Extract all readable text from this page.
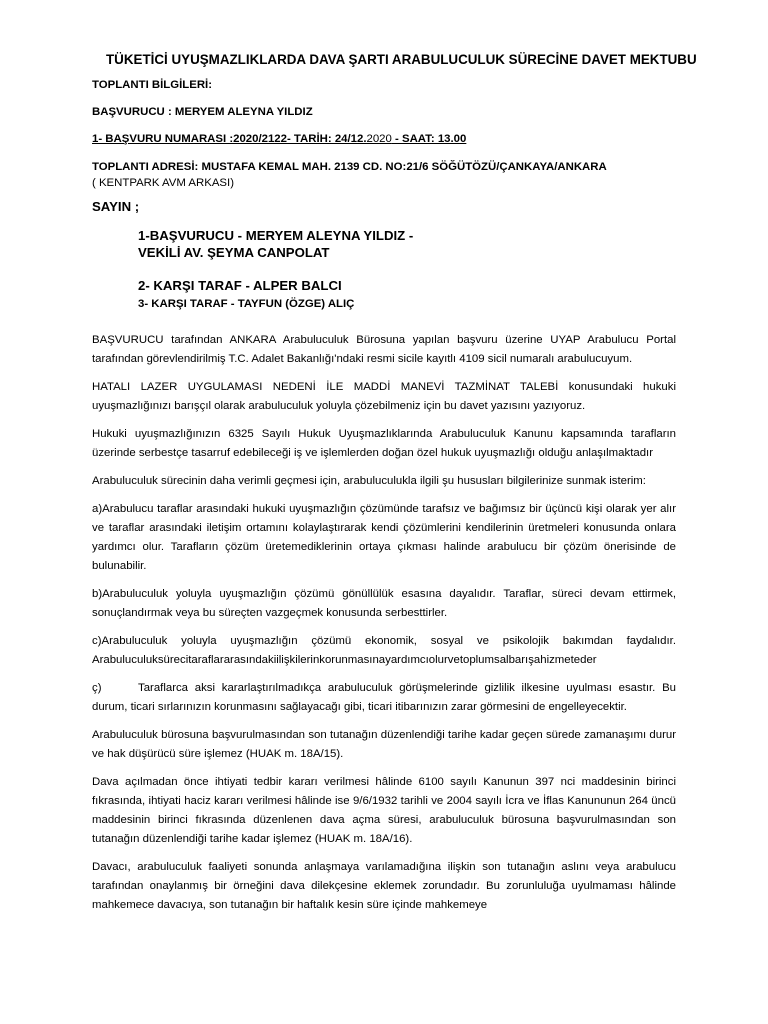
TÜKETİCİ UYUŞMAZLIKLARDA DAVA ŞARTI ARABULUCULUK SÜRECİNE DAVET MEKTUBU
TOPLANTI BİLGİLERİ:
BAŞVURUCU : MERYEM ALEYNA YILDIZ
1- BAŞVURU NUMARASI :2020/2122- TARİH: 24/12.2020 - SAAT: 13.00
TOPLANTI ADRESİ: MUSTAFA KEMAL MAH. 2139 CD. NO:21/6 SÖĞÜTÖZÜ/ÇANKAYA/ANKARA
( KENTPARK AVM ARKASI)
SAYIN ;
1-BAŞVURUCU - MERYEM ALEYNA YILDIZ -
VEKİLİ AV. ŞEYMA CANPOLAT
2- KARŞI TARAF - ALPER BALCI
3- KARŞI TARAF - TAYFUN (ÖZGE) ALIÇ
BAŞVURUCU tarafından ANKARA Arabuluculuk Bürosuna yapılan başvuru üzerine UYAP Arabulucu Portal tarafından görevlendirilmiş T.C. Adalet Bakanlığı'ndaki resmi sicile kayıtlı 4109 sicil numaralı arabulucuyum.
HATALI LAZER UYGULAMASI NEDENİ İLE MADDİ MANEVİ TAZMİNAT TALEBİ konusundaki hukuki uyuşmazlığınızı barışçıl olarak arabuluculuk yoluyla çözebilmeniz için bu davet yazısını yazıyoruz.
Hukuki uyuşmazlığınızın 6325 Sayılı Hukuk Uyuşmazlıklarında Arabuluculuk Kanunu kapsamında tarafların üzerinde serbestçe tasarruf edebileceği iş ve işlemlerden doğan özel hukuk uyuşmazlığı olduğu anlaşılmaktadır
Arabuluculuk sürecinin daha verimli geçmesi için, arabuluculukla ilgili şu hususları bilgilerinize sunmak isterim:
a)Arabulucu taraflar arasındaki hukuki uyuşmazlığın çözümünde tarafsız ve bağımsız bir üçüncü kişi olarak yer alır ve taraflar arasındaki iletişim ortamını kolaylaştırarak kendi çözümlerini kendilerinin üretmeleri konusunda onlara yardımcı olur. Tarafların çözüm üretemediklerinin ortaya çıkması halinde arabulucu bir çözüm önerisinde de bulunabilir.
b)Arabuluculuk yoluyla uyuşmazlığın çözümü gönüllülük esasına dayalıdır. Taraflar, süreci devam ettirmek, sonuçlandırmak veya bu süreçten vazgeçmek konusunda serbesttirler.
c)Arabuluculuk yoluyla uyuşmazlığın çözümü ekonomik, sosyal ve psikolojik bakımdan faydalıdır. Arabuluculuksürecitaraflararasındakiilişkilerinkorunmasınayardımcıolurvetoplumsalbarışahizmeteder
ç)	Taraflarca aksi kararlaştırılmadıkça arabuluculuk görüşmelerinde gizlilik ilkesine uyulması esastır. Bu durum, ticari sırlarınızın korunmasını sağlayacağı gibi, ticari itibarınızın zarar görmesini de engelleyecektir.
Arabuluculuk bürosuna başvurulmasından son tutanağın düzenlendiği tarihe kadar geçen sürede zamanaşımı durur ve hak düşürücü süre işlemez (HUAK m. 18A/15).
Dava açılmadan önce ihtiyati tedbir kararı verilmesi hâlinde 6100 sayılı Kanunun 397 nci maddesinin birinci fıkrasında, ihtiyati haciz kararı verilmesi hâlinde ise 9/6/1932 tarihli ve 2004 sayılı İcra ve İflas Kanununun 264 üncü maddesinin birinci fıkrasında düzenlenen dava açma süresi, arabuluculuk bürosuna başvurulmasından son tutanağın düzenlendiği tarihe kadar işlemez (HUAK m. 18A/16).
Davacı, arabuluculuk faaliyeti sonunda anlaşmaya varılamadığına ilişkin son tutanağın aslını veya arabulucu tarafından onaylanmış bir örneğini dava dilekçesine eklemek zorundadır. Bu zorunluluğa uyulmaması hâlinde mahkemece davacıya, son tutanağın bir haftalık kesin süre içinde mahkemeye
